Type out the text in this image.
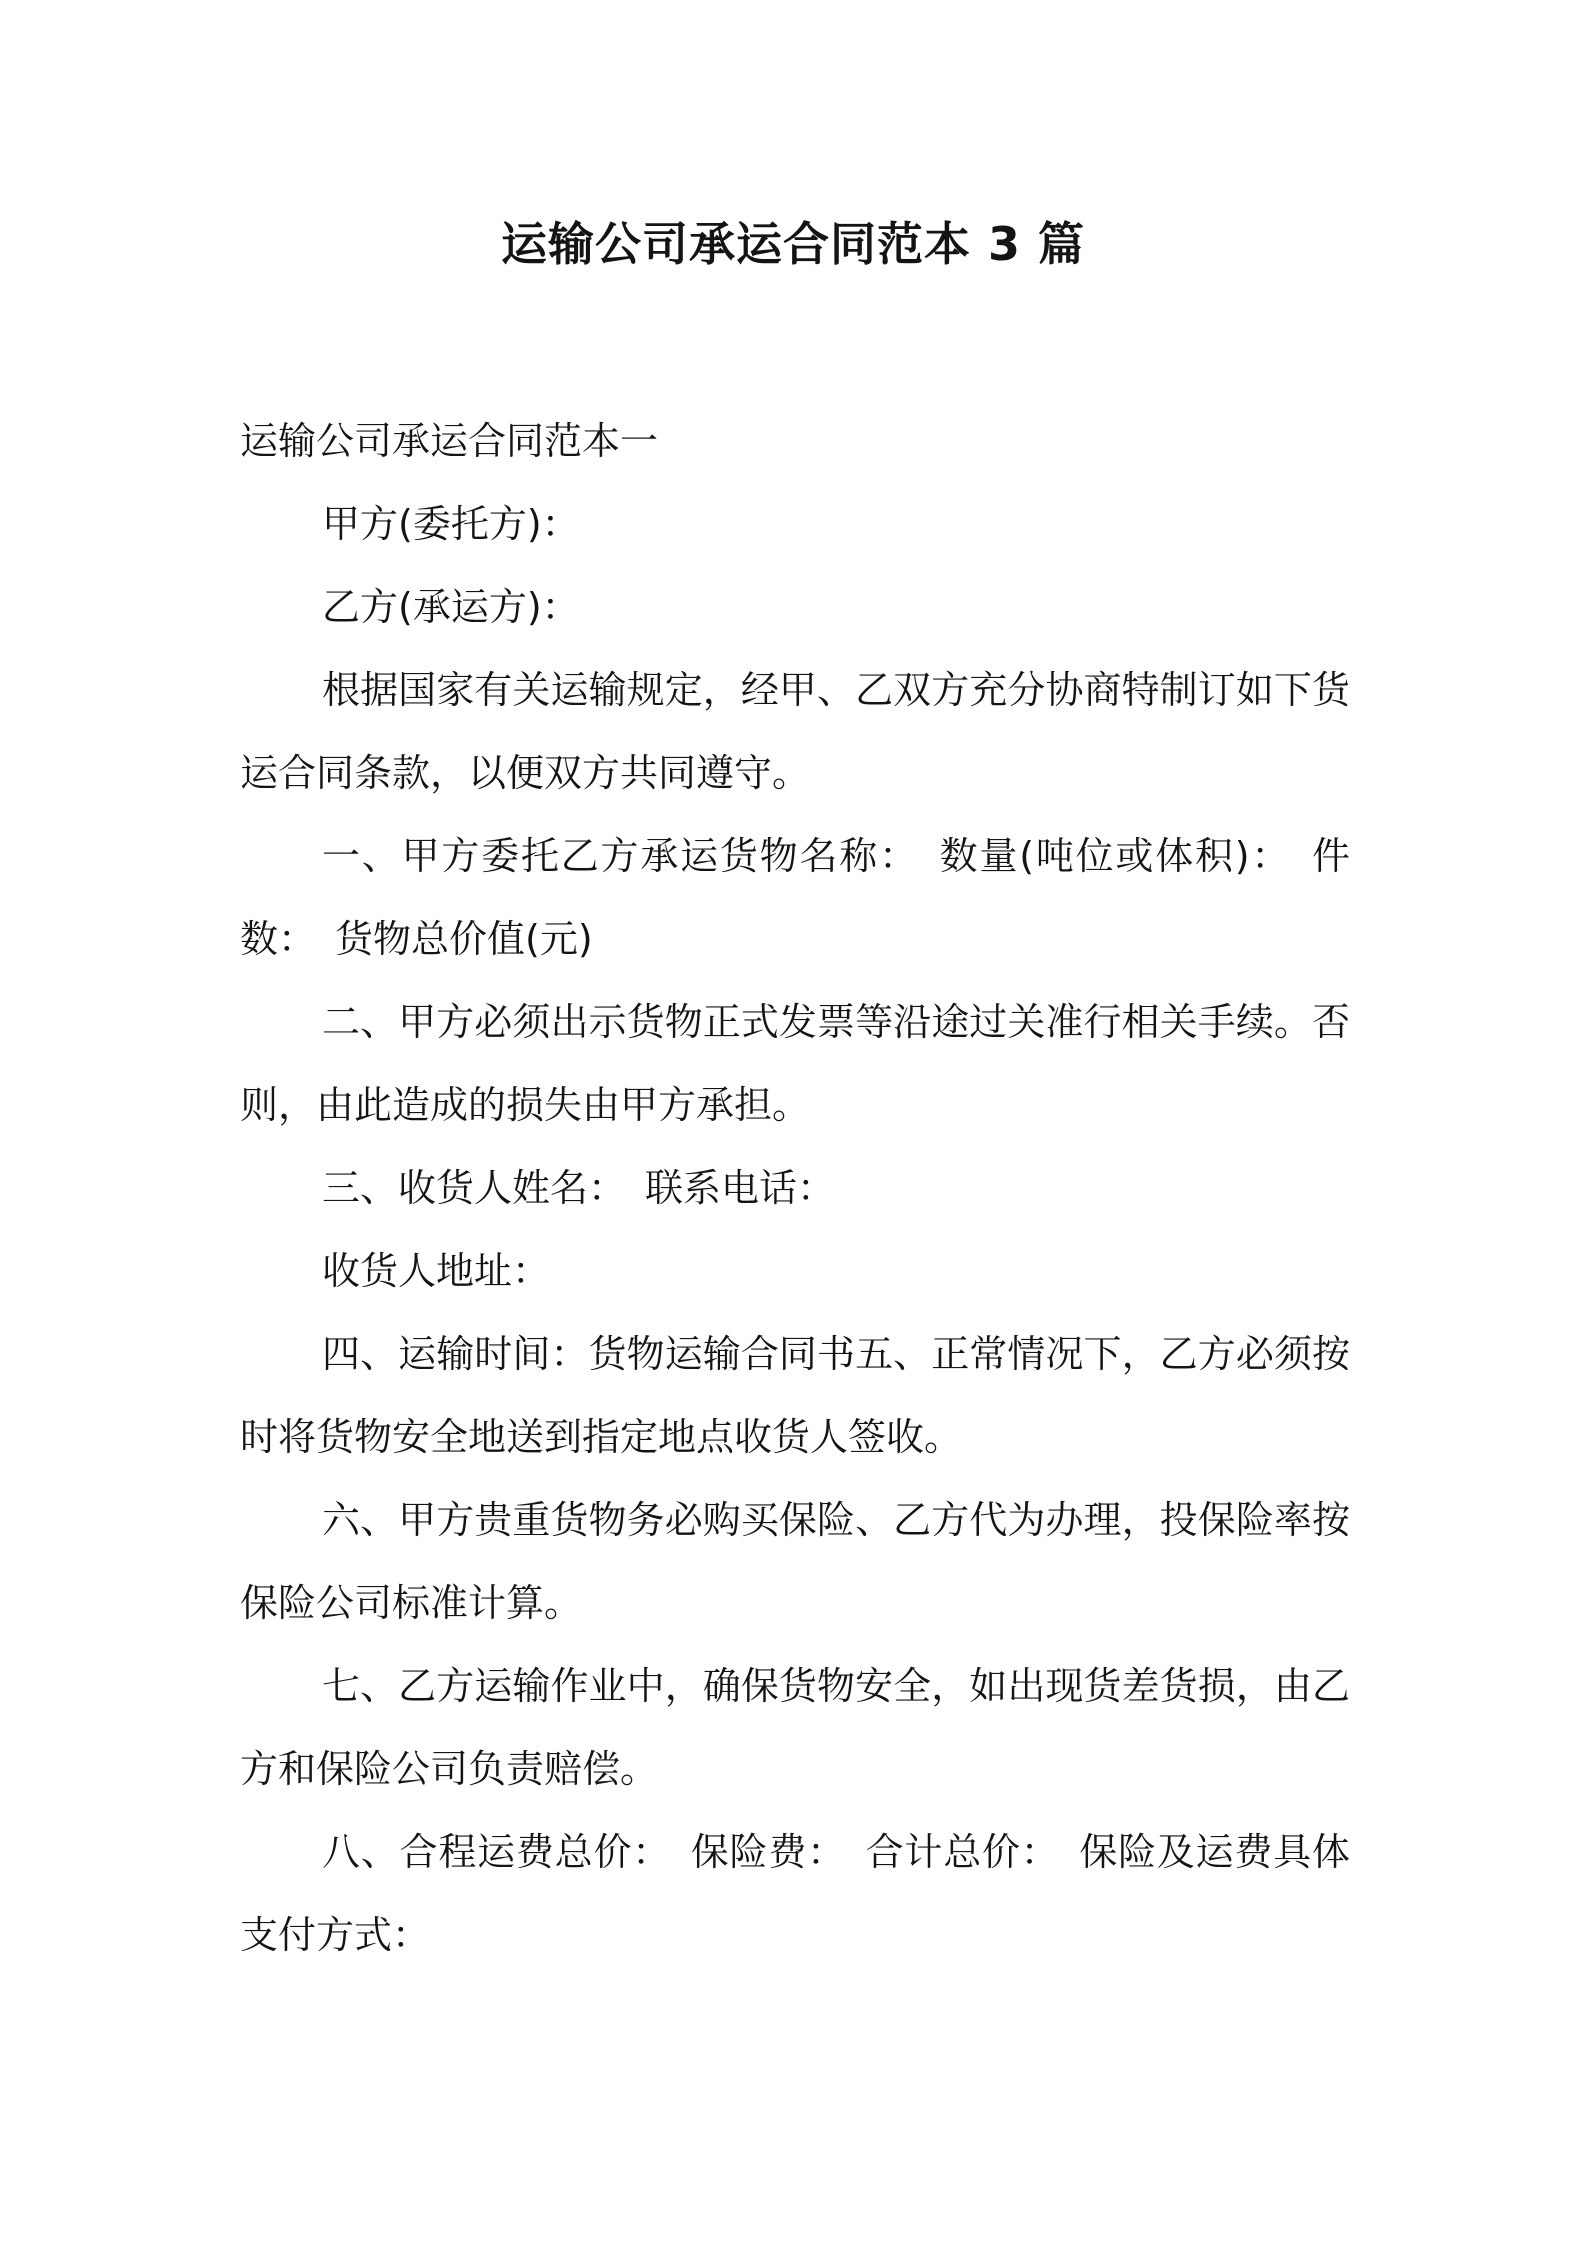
运输公司承运合同范本 3 篇

运输公司承运合同范本一

甲方(委托方)：

乙方(承运方)：

根据国家有关运输规定，经甲、乙双方充分协商特制订如下货运合同条款，以便双方共同遵守。

一、甲方委托乙方承运货物名称：　数量(吨位或体积)：　件数：　货物总价值(元)

二、甲方必须出示货物正式发票等沿途过关准行相关手续。否则，由此造成的损失由甲方承担。

三、收货人姓名：　联系电话：

收货人地址：

四、运输时间：货物运输合同书五、正常情况下，乙方必须按时将货物安全地送到指定地点收货人签收。

六、甲方贵重货物务必购买保险、乙方代为办理，投保险率按保险公司标准计算。

七、乙方运输作业中，确保货物安全，如出现货差货损，由乙方和保险公司负责赔偿。

八、合程运费总价：　保险费：　合计总价：　保险及运费具体支付方式：
